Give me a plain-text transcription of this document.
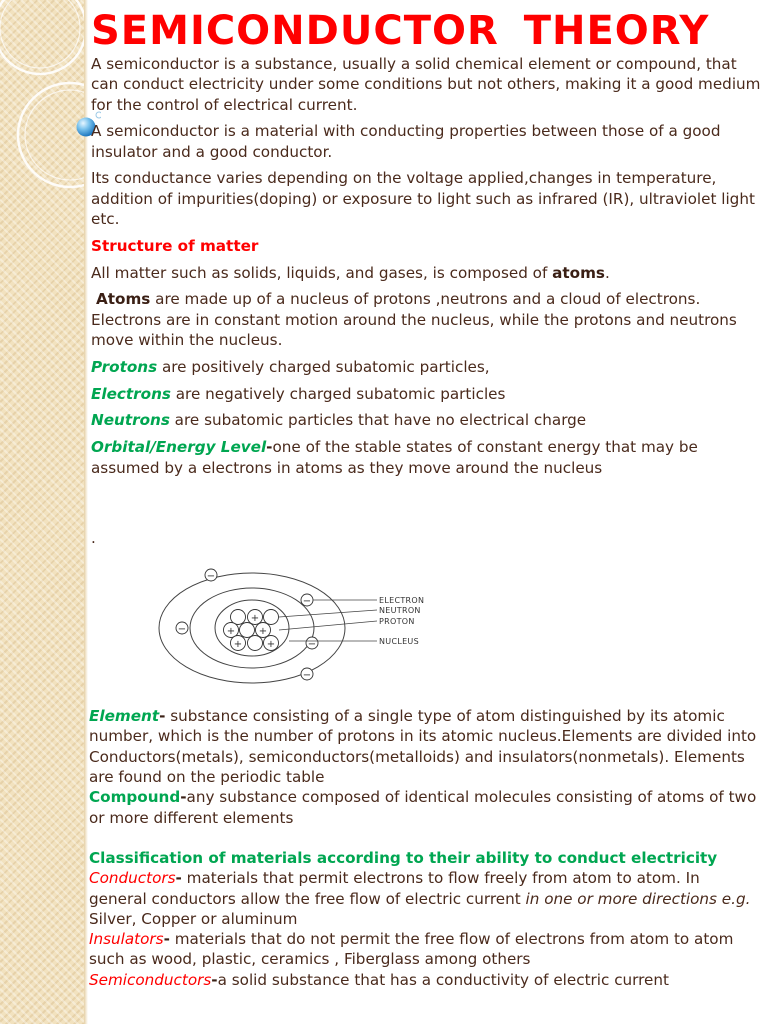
SEMICONDUCTOR THEORY

A semiconductor is a substance, usually a solid chemical element or compound, that can conduct electricity under some conditions but not others, making it a good medium for the control of electrical current.

A semiconductor is a material with conducting properties between those of a good insulator and a good conductor.

Its conductance varies depending on the voltage applied,changes in temperature, addition of impurities(doping) or exposure to light such as infrared (IR), ultraviolet light etc.

Structure of matter

All matter such as solids, liquids, and gases, is composed of atoms.

Atoms are made up of a nucleus of protons ,neutrons and a cloud of electrons. Electrons are in constant motion around the nucleus, while the protons and neutrons move within the nucleus.

Protons are positively charged subatomic particles,

Electrons are negatively charged subatomic particles

Neutrons are subatomic particles that have no electrical charge

Orbital/Energy Level-one of the stable states of constant energy that may be assumed by a electrons in atoms as they move around the nucleus

.

+
+ +
+ +
−
−
−
−
−
ELECTRON
NEUTRON
PROTON
NUCLEUS

Element- substance consisting of a single type of atom distinguished by its atomic number, which is the number of protons in its atomic nucleus.Elements are divided into Conductors(metals), semiconductors(metalloids) and insulators(nonmetals). Elements are found on the periodic table

Compound-any substance composed of identical molecules consisting of atoms of two or more different elements

Classification of materials according to their ability to conduct electricity

Conductors- materials that permit electrons to flow freely from atom to atom. In general conductors allow the free flow of electric current in one or more directions e.g. Silver, Copper or aluminum

Insulators- materials that do not permit the free flow of electrons from atom to atom such as wood, plastic, ceramics , Fiberglass among others

Semiconductors-a solid substance that has a conductivity of electric current
